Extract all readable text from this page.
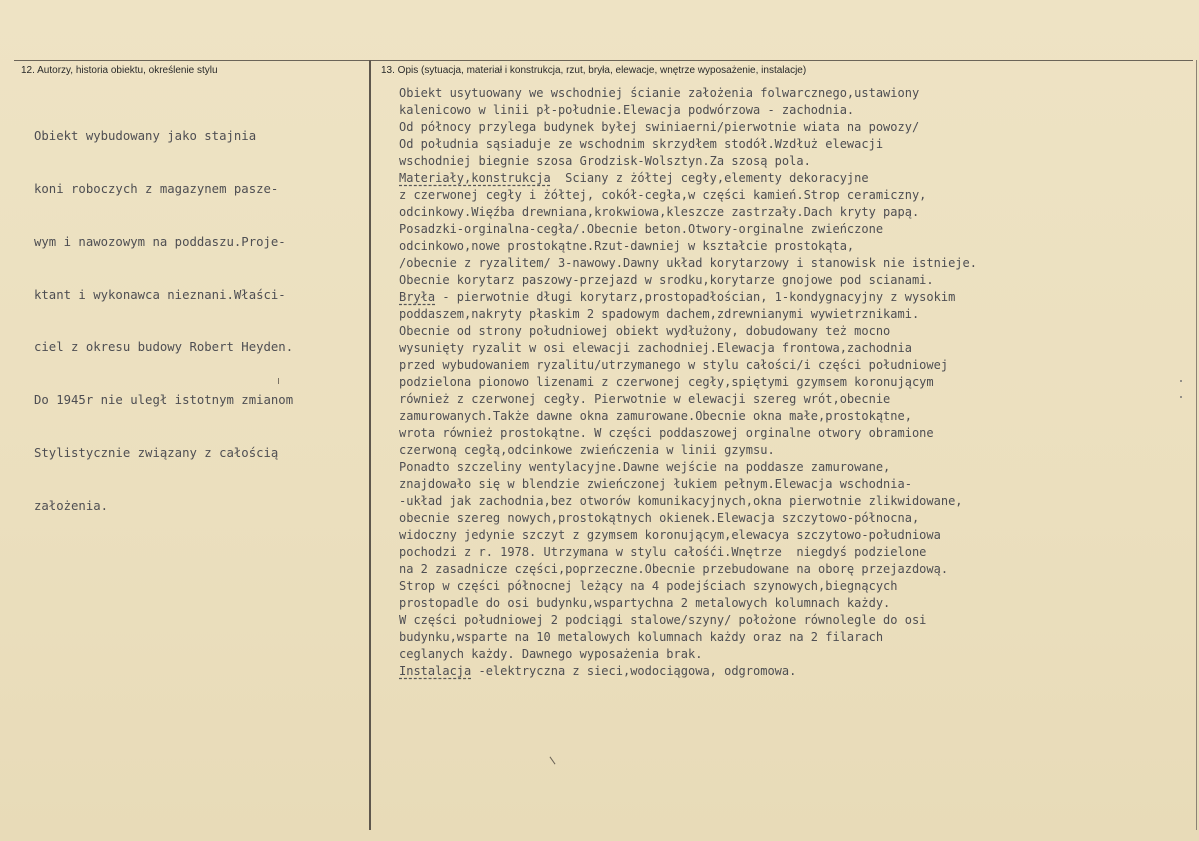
12. Autorzy, historia obiektu, określenie stylu	13. Opis (sytuacja, materiał i konstrukcja, rzut, bryła, elewacje, wnętrze wyposażenie, instalacje)

Obiekt wybudowany jako stajnia

koni roboczych z magazynem pasze-

wym i nawozowym na poddaszu.Proje-

ktant i wykonawca nieznani.Właści-

ciel z okresu budowy Robert Heyden.

Do 1945r nie uległ istotnym zmianom

Stylistycznie związany z całością

założenia.

Obiekt usytuowany we wschodniej ścianie założenia folwarcznego,ustawiony
kalenicowo w linii pł-południe.Elewacja podwórzowa - zachodnia.
Od północy przylega budynek byłej swiniaerni/pierwotnie wiata na powozy/
Od południa sąsiaduje ze wschodnim skrzydłem stodół.Wzdłuż elewacji
wschodniej biegnie szosa Grodzisk-Wolsztyn.Za szosą pola.
Materiały,konstrukcja  Sciany z żółtej cegły,elementy dekoracyjne
z czerwonej cegły i żółtej, cokół-cegła,w części kamień.Strop ceramiczny,
odcinkowy.Więźba drewniana,krokwiowa,kleszcze zastrzały.Dach kryty papą.
Posadzki-orginalna-cegła/.Obecnie beton.Otwory-orginalne zwieńczone
odcinkowo,nowe prostokątne.Rzut-dawniej w kształcie prostokąta,
/obecnie z ryzalitem/ 3-nawowy.Dawny układ korytarzowy i stanowisk nie istnieje.
Obecnie korytarz paszowy-przejazd w srodku,korytarze gnojowe pod scianami.
Bryła - pierwotnie długi korytarz,prostopadłościan, 1-kondygnacyjny z wysokim
poddaszem,nakryty płaskim 2 spadowym dachem,zdrewnianymi wywietrznikami.
Obecnie od strony południowej obiekt wydłużony, dobudowany też mocno
wysunięty ryzalit w osi elewacji zachodniej.Elewacja frontowa,zachodnia
przed wybudowaniem ryzalitu/utrzymanego w stylu całości/i części południowej
podzielona pionowo lizenami z czerwonej cegły,spiętymi gzymsem koronującym
również z czerwonej cegły. Pierwotnie w elewacji szereg wrót,obecnie
zamurowanych.Także dawne okna zamurowane.Obecnie okna małe,prostokątne,
wrota również prostokątne. W części poddaszowej orginalne otwory obramione
czerwoną cegłą,odcinkowe zwieńczenia w linii gzymsu.
Ponadto szczeliny wentylacyjne.Dawne wejście na poddasze zamurowane,
znajdowało się w blendzie zwieńczonej łukiem pełnym.Elewacja wschodnia-
-układ jak zachodnia,bez otworów komunikacyjnych,okna pierwotnie zlikwidowane,
obecnie szereg nowych,prostokątnych okienek.Elewacja szczytowo-północna,
widoczny jedynie szczyt z gzymsem koronującym,elewacya szczytowo-południowa
pochodzi z r. 1978. Utrzymana w stylu całośći.Wnętrze  niegdyś podzielone
na 2 zasadnicze części,poprzeczne.Obecnie przebudowane na oborę przejazdową.
Strop w części północnej leżący na 4 podejściach szynowych,biegnących
prostopadle do osi budynku,wspartychna 2 metalowych kolumnach każdy.
W części południowej 2 podciągi stalowe/szyny/ położone równolegle do osi
budynku,wsparte na 10 metalowych kolumnach każdy oraz na 2 filarach
ceglanych każdy. Dawnego wyposażenia brak.
Instalacja -elektryczna z sieci,wodociągowa, odgromowa.
